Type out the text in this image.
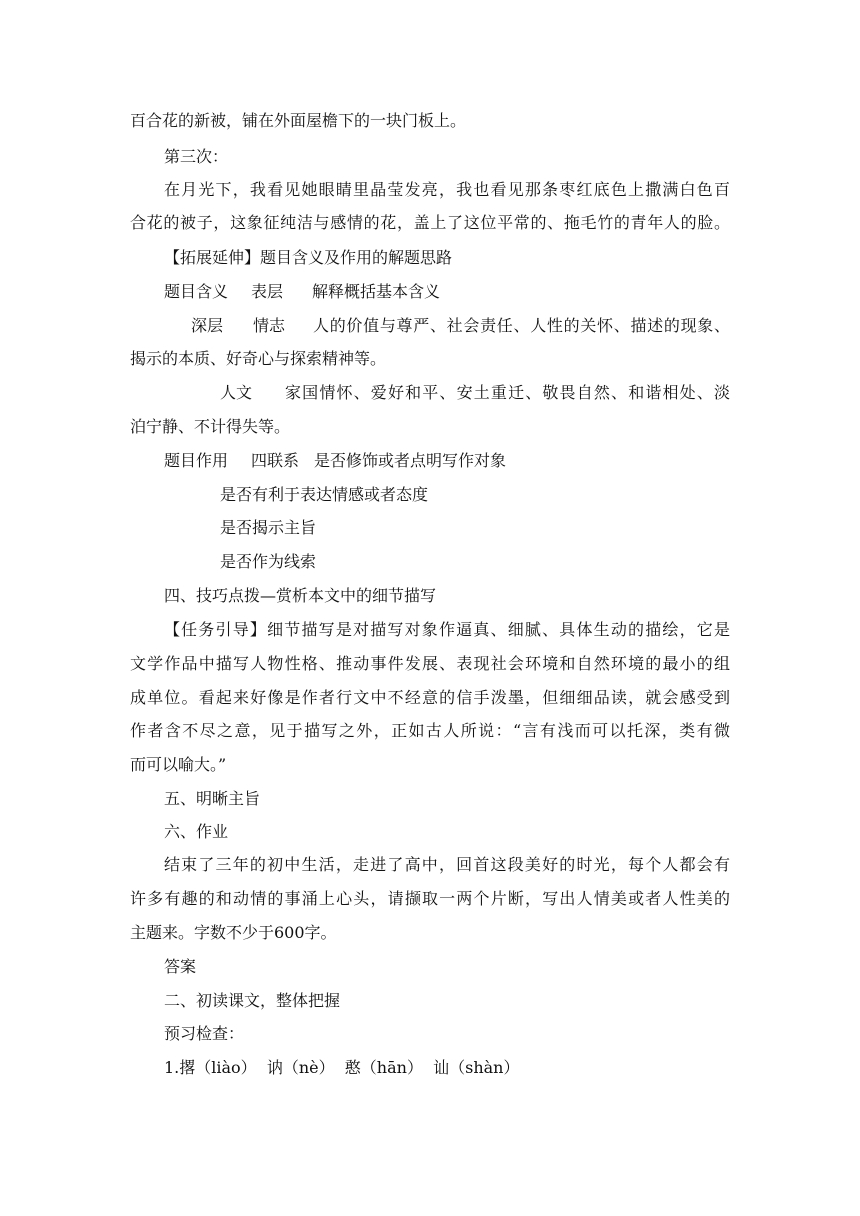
百合花的新被，铺在外面屋檐下的一块门板上。
第三次：
在月光下，我看见她眼睛里晶莹发亮，我也看见那条枣红底色上撒满白色百
合花的被子，这象征纯洁与感情的花，盖上了这位平常的、拖毛竹的青年人的脸。
【拓展延伸】题目含义及作用的解题思路
题目含义 表层 解释概括基本含义
深层 情志 人的价值与尊严、社会责任、人性的关怀、描述的现象、
揭示的本质、好奇心与探索精神等。
人文 家国情怀、爱好和平、安土重迁、敬畏自然、和谐相处、淡
泊宁静、不计得失等。
题目作用 四联系 是否修饰或者点明写作对象
是否有利于表达情感或者态度
是否揭示主旨
是否作为线索
四、技巧点拨—赏析本文中的细节描写
【任务引导】细节描写是对描写对象作逼真、细腻、具体生动的描绘，它是
文学作品中描写人物性格、推动事件发展、表现社会环境和自然环境的最小的组
成单位。看起来好像是作者行文中不经意的信手泼墨，但细细品读，就会感受到
作者含不尽之意，见于描写之外，正如古人所说：“言有浅而可以托深，类有微
而可以喻大。”
五、明晰主旨
六、作业
结束了三年的初中生活，走进了高中，回首这段美好的时光，每个人都会有
许多有趣的和动情的事涌上心头，请撷取一两个片断，写出人情美或者人性美的
主题来。字数不少于600字。
答案
二、初读课文，整体把握
预习检查：
1.撂（liào）  讷（nè）  憨（hān）  讪（shàn）
